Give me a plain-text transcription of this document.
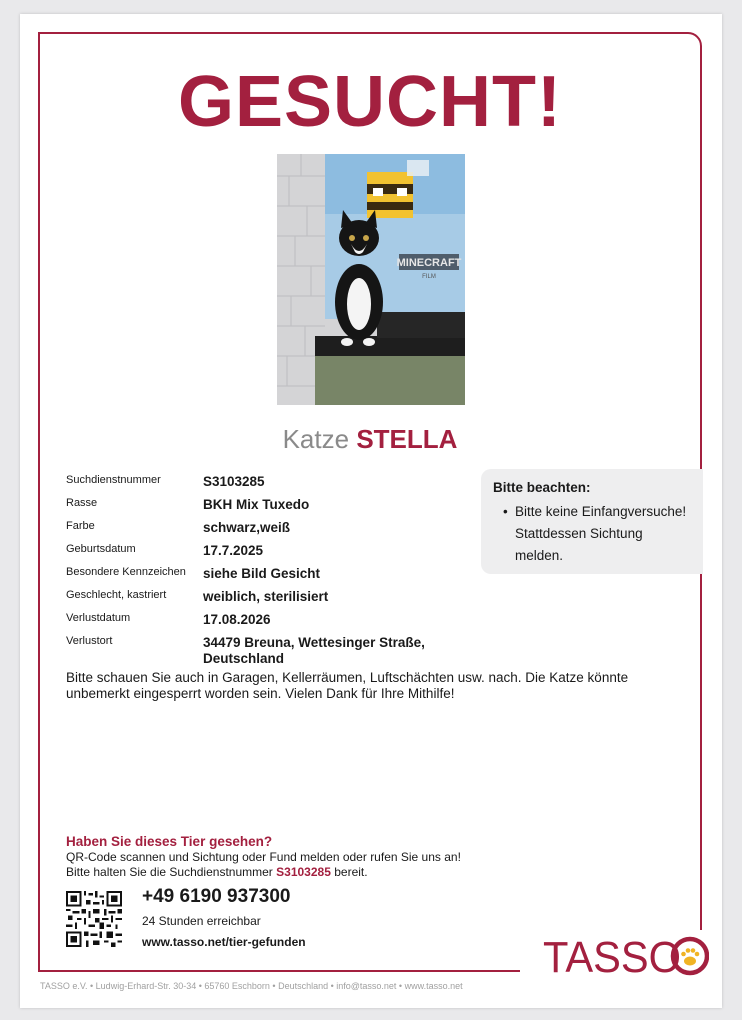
GESUCHT!
MINECRAFT
FILM
Katze STELLA
Suchdienstnummer	S3103285
Rasse	BKH Mix Tuxedo
Farbe	schwarz,weiß
Geburtsdatum	17.7.2025
Besondere Kennzeichen	siehe Bild Gesicht
Geschlecht, kastriert	weiblich, sterilisiert
Verlustdatum	17.08.2026
Verlustort	34479 Breuna, Wettesinger Straße, Deutschland
Bitte beachten:
• Bitte keine Einfangversuche! Stattdessen Sichtung melden.
Bitte schauen Sie auch in Garagen, Kellerräumen, Luftschächten usw. nach. Die Katze könnte unbemerkt eingesperrt worden sein. Vielen Dank für Ihre Mithilfe!
Haben Sie dieses Tier gesehen?
QR-Code scannen und Sichtung oder Fund melden oder rufen Sie uns an!
Bitte halten Sie die Suchdienstnummer S3103285 bereit.
+49 6190 937300
24 Stunden erreichbar
www.tasso.net/tier-gefunden	TASSO
TASSO e.V. • Ludwig-Erhard-Str. 30-34 • 65760 Eschborn • Deutschland • info@tasso.net • www.tasso.net
